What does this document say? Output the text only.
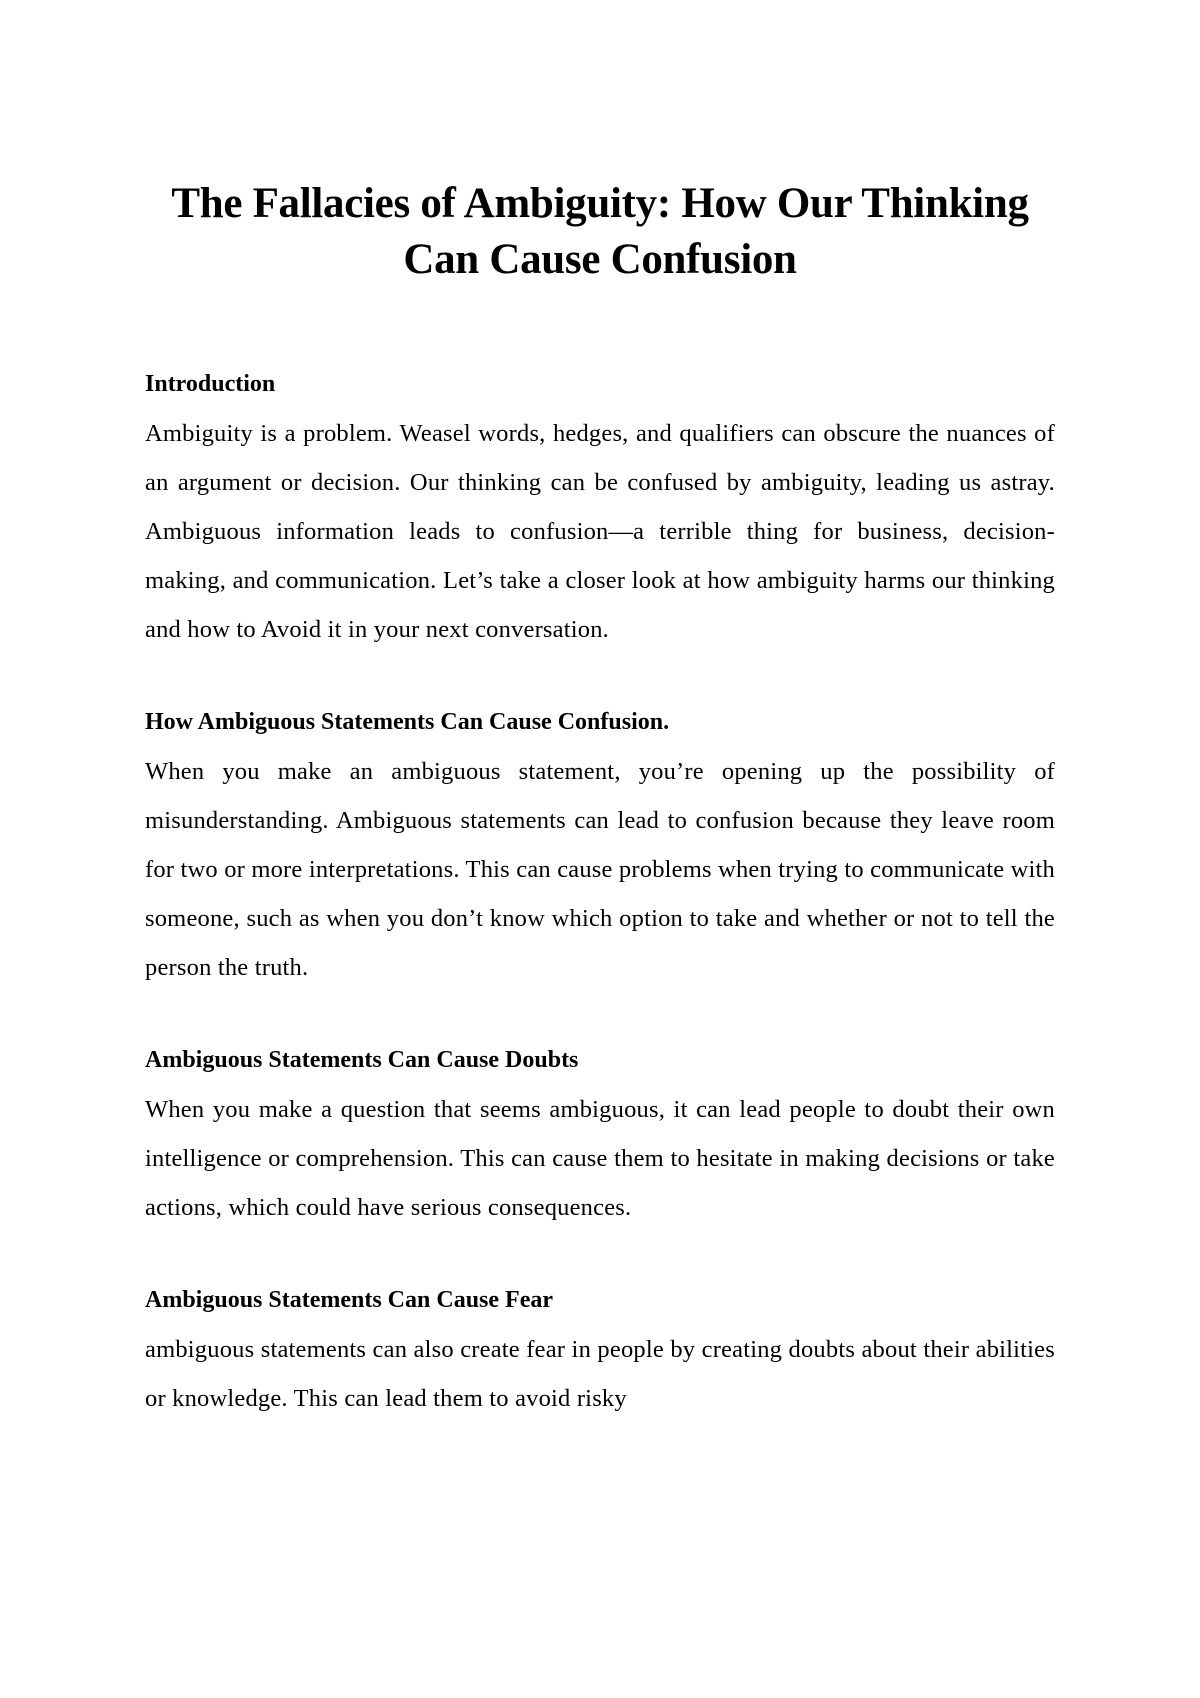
The Fallacies of Ambiguity: How Our Thinking Can Cause Confusion

Introduction

Ambiguity is a problem. Weasel words, hedges, and qualifiers can obscure the nuances of an argument or decision. Our thinking can be confused by ambiguity, leading us astray. Ambiguous information leads to confusion—a terrible thing for business, decision-making, and communication. Let’s take a closer look at how ambiguity harms our thinking and how to Avoid it in your next conversation.

How Ambiguous Statements Can Cause Confusion.

When you make an ambiguous statement, you’re opening up the possibility of misunderstanding. Ambiguous statements can lead to confusion because they leave room for two or more interpretations. This can cause problems when trying to communicate with someone, such as when you don’t know which option to take and whether or not to tell the person the truth.

Ambiguous Statements Can Cause Doubts

When you make a question that seems ambiguous, it can lead people to doubt their own intelligence or comprehension. This can cause them to hesitate in making decisions or take actions, which could have serious consequences.

Ambiguous Statements Can Cause Fear

ambiguous statements can also create fear in people by creating doubts about their abilities or knowledge. This can lead them to avoid risky
